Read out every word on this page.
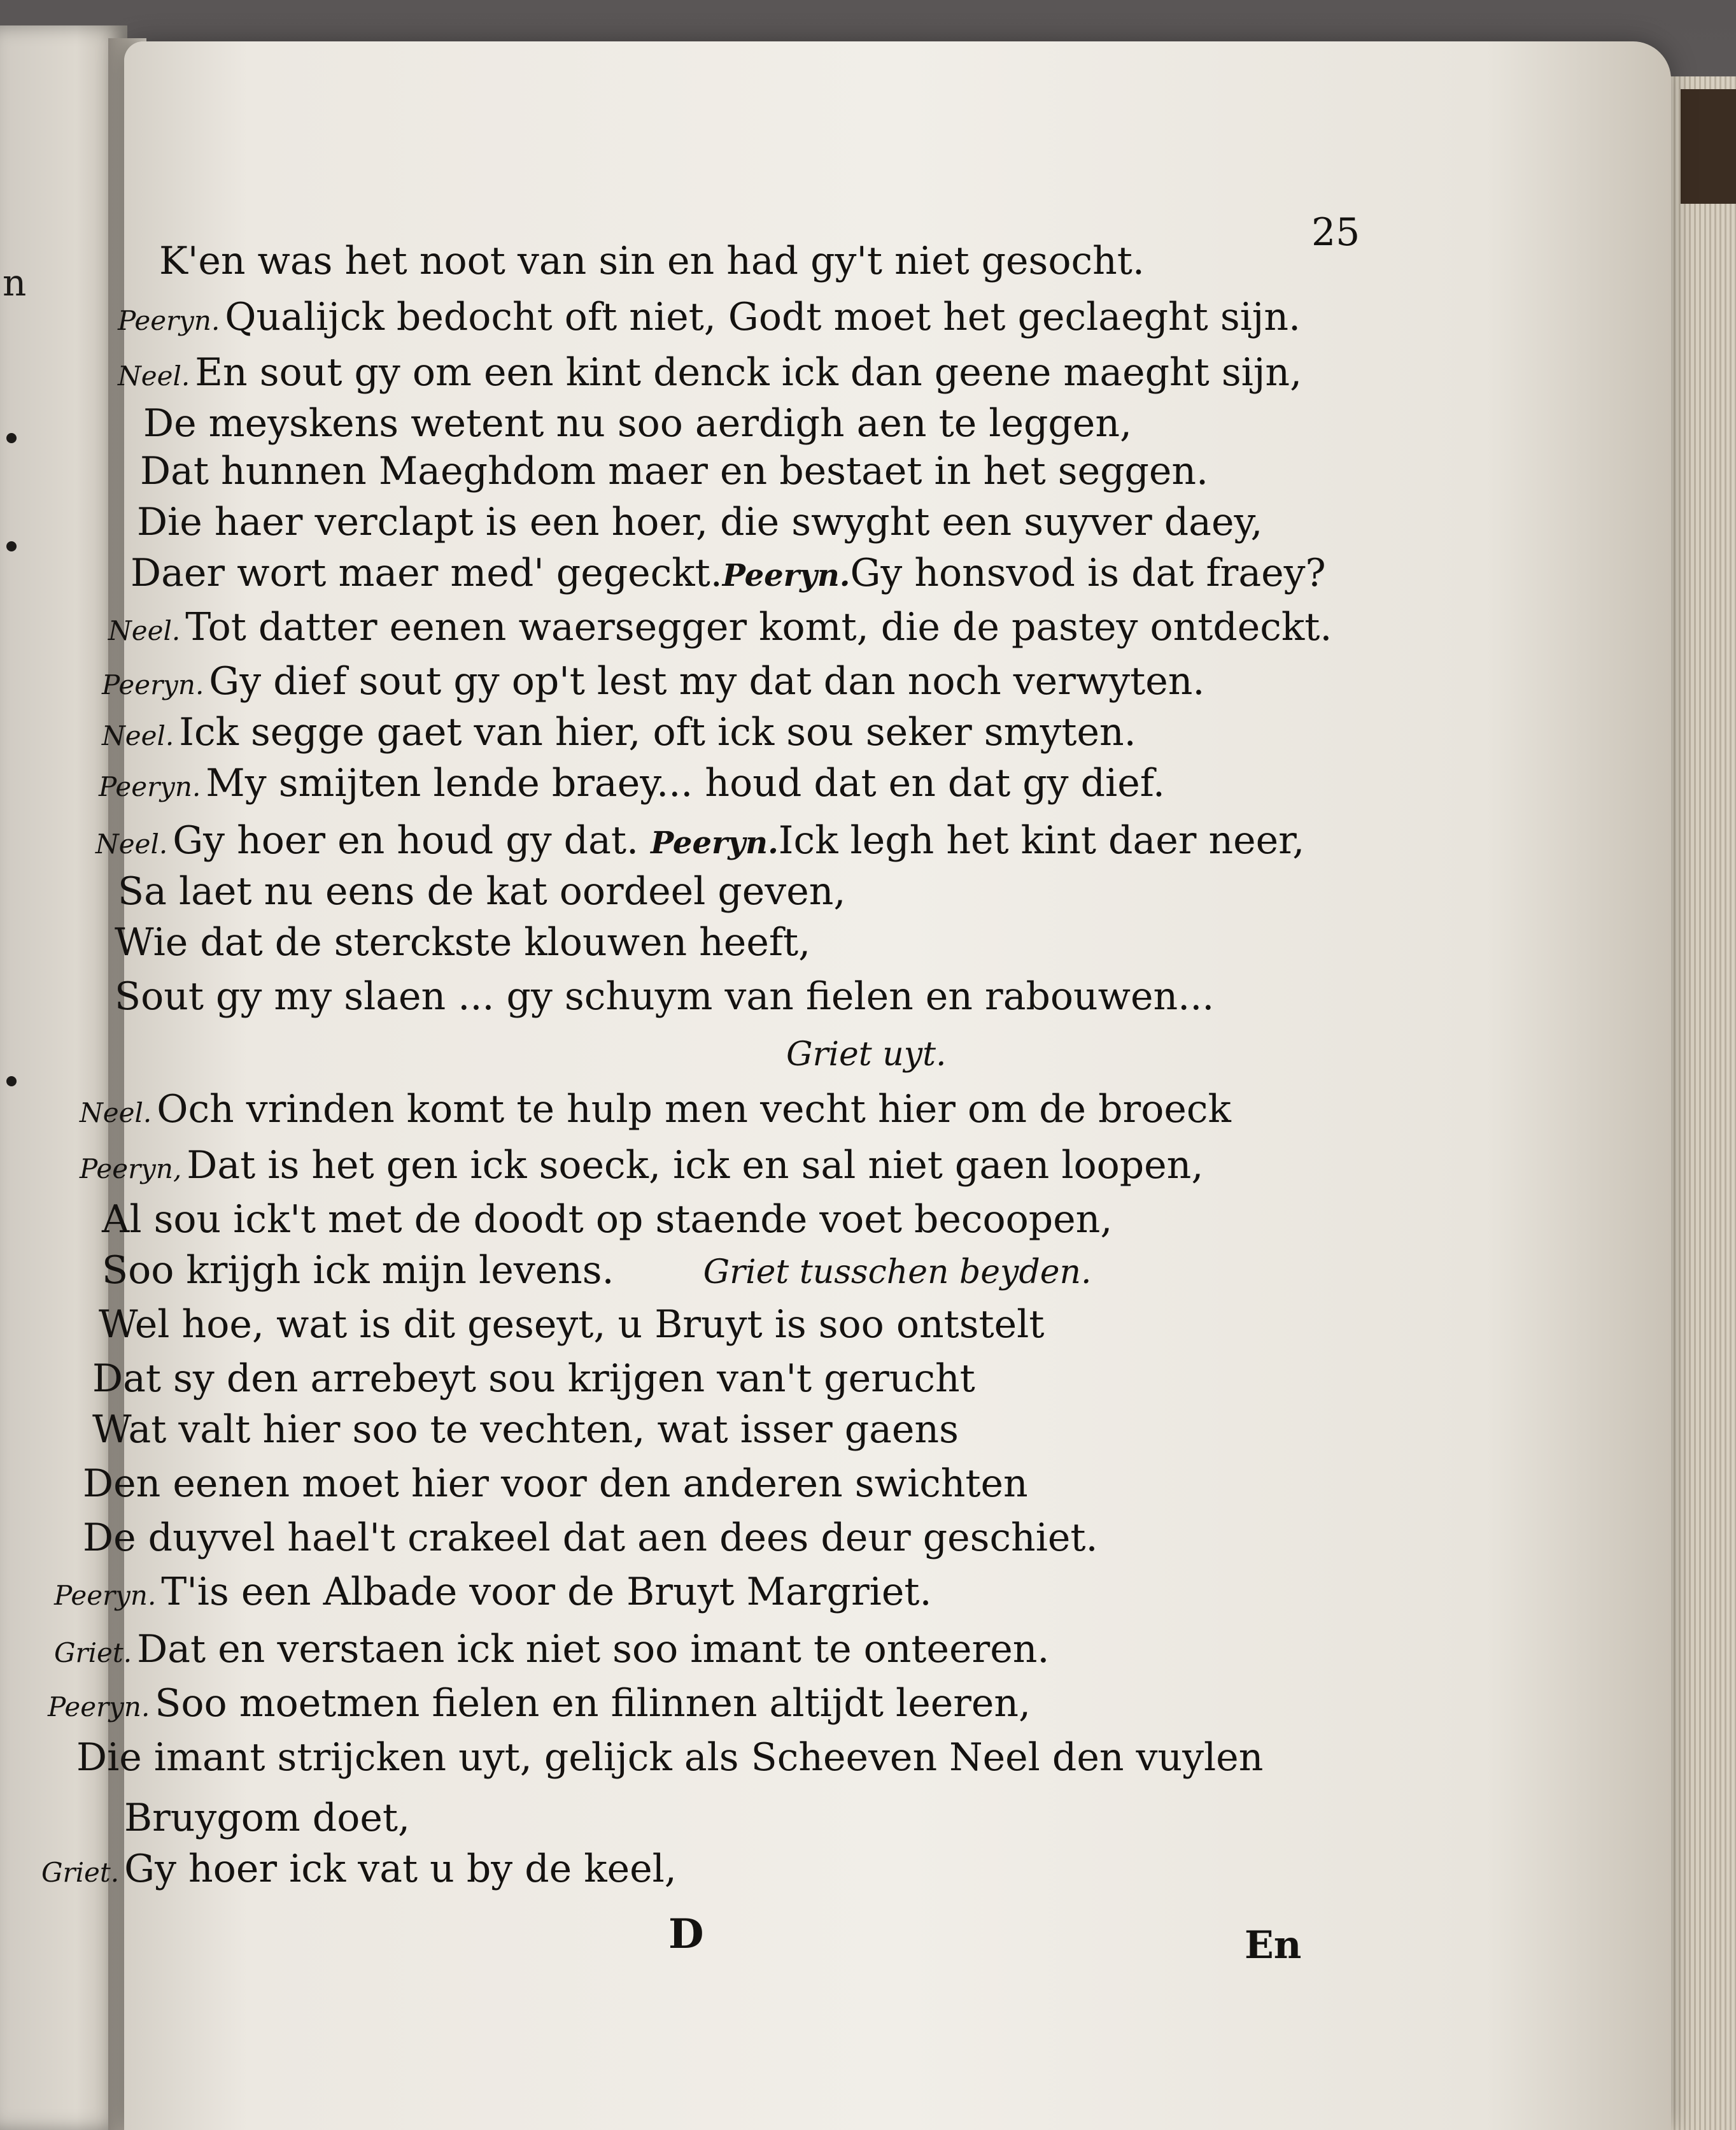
n
25
K'en was het noot van sin en had gy't niet gesocht.
Peeryn. Qualijck bedocht oft niet, Godt moet het geclaeght sijn.
Neel. En sout gy om een kint denck ick dan geene maeght sijn,
De meyskens wetent nu soo aerdigh aen te leggen,
Dat hunnen Maeghdom maer en bestaet in het seggen.
Die haer verclapt is een hoer, die swyght een suyver daey,
Daer wort maer med' gegeckt.Peeryn.Gy honsvod is dat fraey?
Neel. Tot datter eenen waersegger komt, die de pastey ontdeckt.
Peeryn. Gy dief sout gy op't lest my dat dan noch verwyten.
Neel. Ick segge gaet van hier, oft ick sou seker smyten.
Peeryn. My smijten lende braey... houd dat en dat gy dief.
Neel. Gy hoer en houd gy dat. Peeryn.Ick legh het kint daer neer,
Sa laet nu eens de kat oordeel geven,
Wie dat de sterckste klouwen heeft,
Sout gy my slaen ... gy schuym van fielen en rabouwen...
Griet uyt.
Neel. Och vrinden komt te hulp men vecht hier om de broeck
Peeryn, Dat is het gen ick soeck, ick en sal niet gaen loopen,
Al sou ick't met de doodt op staende voet becoopen,
Soo krijgh ick mijn levens.	Griet tusschen beyden.
Wel hoe, wat is dit geseyt, u Bruyt is soo ontstelt
Dat sy den arrebeyt sou krijgen van't gerucht
Wat valt hier soo te vechten, wat isser gaens
Den eenen moet hier voor den anderen swichten
De duyvel hael't crakeel dat aen dees deur geschiet.
Peeryn. T'is een Albade voor de Bruyt Margriet.
Griet. Dat en verstaen ick niet soo imant te onteeren.
Peeryn. Soo moetmen fielen en filinnen altijdt leeren,
Die imant strijcken uyt, gelijck als Scheeven Neel den vuylen
Bruygom doet,
Griet. Gy hoer ick vat u by de keel,
D	En
